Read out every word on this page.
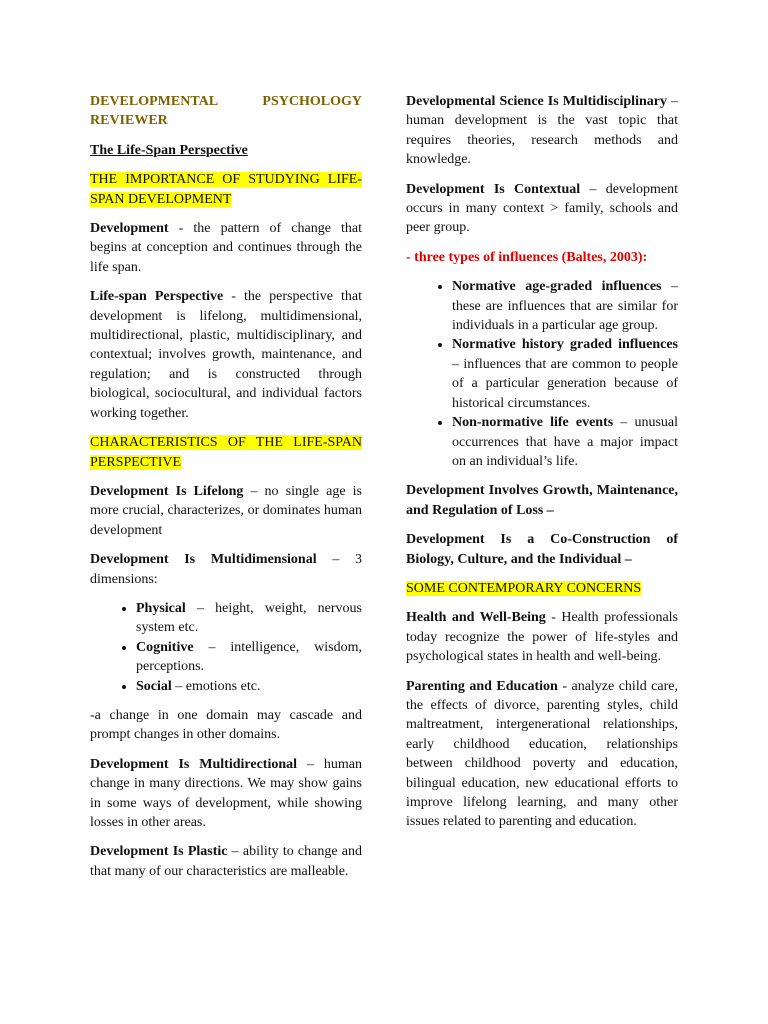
DEVELOPMENTAL PSYCHOLOGY REVIEWER

The Life-Span Perspective

THE IMPORTANCE OF STUDYING LIFE-SPAN DEVELOPMENT

Development - the pattern of change that begins at conception and continues through the life span.

Life-span Perspective - the perspective that development is lifelong, multidimensional, multidirectional, plastic, multidisciplinary, and contextual; involves growth, maintenance, and regulation; and is constructed through biological, sociocultural, and individual factors working together.

CHARACTERISTICS OF THE LIFE-SPAN PERSPECTIVE

Development Is Lifelong – no single age is more crucial, characterizes, or dominates human development

Development Is Multidimensional – 3 dimensions:

• Physical – height, weight, nervous system etc.
• Cognitive – intelligence, wisdom, perceptions.
• Social – emotions etc.

-a change in one domain may cascade and prompt changes in other domains.

Development Is Multidirectional – human change in many directions. We may show gains in some ways of development, while showing losses in other areas.

Development Is Plastic – ability to change and that many of our characteristics are malleable.

Developmental Science Is Multidisciplinary – human development is the vast topic that requires theories, research methods and knowledge.

Development Is Contextual – development occurs in many context > family, schools and peer group.

- three types of influences (Baltes, 2003):

• Normative age-graded influences – these are influences that are similar for individuals in a particular age group.
• Normative history graded influences – influences that are common to people of a particular generation because of historical circumstances.
• Non-normative life events – unusual occurrences that have a major impact on an individual’s life.

Development Involves Growth, Maintenance, and Regulation of Loss –

Development Is a Co-Construction of Biology, Culture, and the Individual –

SOME CONTEMPORARY CONCERNS

Health and Well-Being - Health professionals today recognize the power of life-styles and psychological states in health and well-being.

Parenting and Education - analyze child care, the effects of divorce, parenting styles, child maltreatment, intergenerational relationships, early childhood education, relationships between childhood poverty and education, bilingual education, new educational efforts to improve lifelong learning, and many other issues related to parenting and education.
